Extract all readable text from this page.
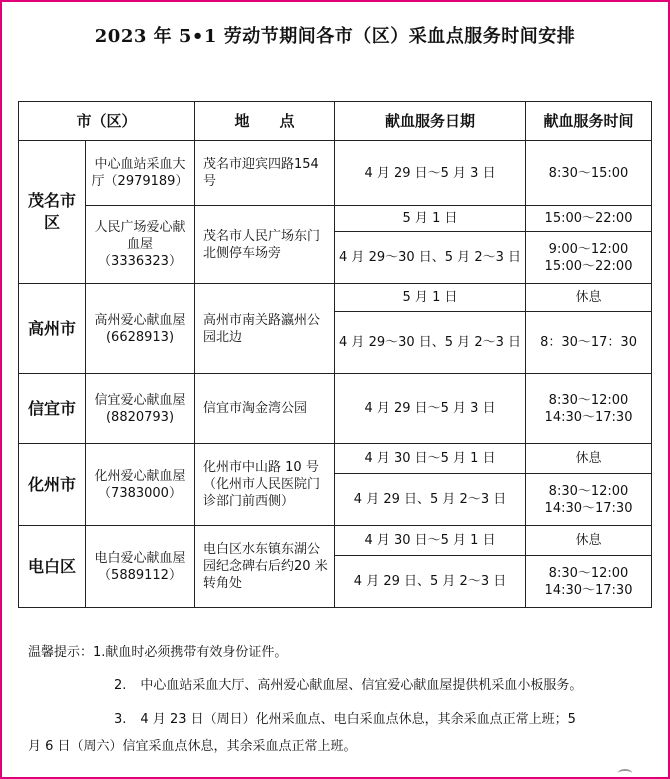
2023 年 5•1 劳动节期间各市（区）采血点服务时间安排
市（区）		地　　点	献血服务日期	献血服务时间
茂名市区	中心血站采血大厅（2979189）	茂名市迎宾四路154号	4 月 29 日～5 月 3 日	8:30～15:00
	人民广场爱心献血屋（3336323）	茂名市人民广场东门北侧停车场旁	5 月 1 日	15:00～22:00
			4 月 29～30 日、5 月 2～3 日	9:00～12:00 15:00～22:00
高州市	高州爱心献血屋(6628913)	高州市南关路瀛州公园北边	5 月 1 日	休息
			4 月 29～30 日、5 月 2～3 日	8：30～17：30
信宜市	信宜爱心献血屋(8820793)	信宜市淘金湾公园	4 月 29 日～5 月 3 日	8:30～12:00 14:30～17:30
化州市	化州爱心献血屋（7383000）	化州市中山路 10 号（化州市人民医院门诊部门前西侧）	4 月 30 日～5 月 1 日	休息
			4 月 29 日、5 月 2～3 日	8:30～12:00 14:30～17:30
电白区	电白爱心献血屋（5889112）	电白区水东镇东湖公园纪念碑右后约20 米转角处	4 月 30 日～5 月 1 日	休息
			4 月 29 日、5 月 2～3 日	8:30～12:00 14:30～17:30
温馨提示：1.献血时必须携带有效身份证件。
2. 中心血站采血大厅、高州爱心献血屋、信宜爱心献血屋提供机采血小板服务。
3. 4 月 23 日（周日）化州采血点、电白采血点休息，其余采血点正常上班；5
月 6 日（周六）信宜采血点休息，其余采血点正常上班。
